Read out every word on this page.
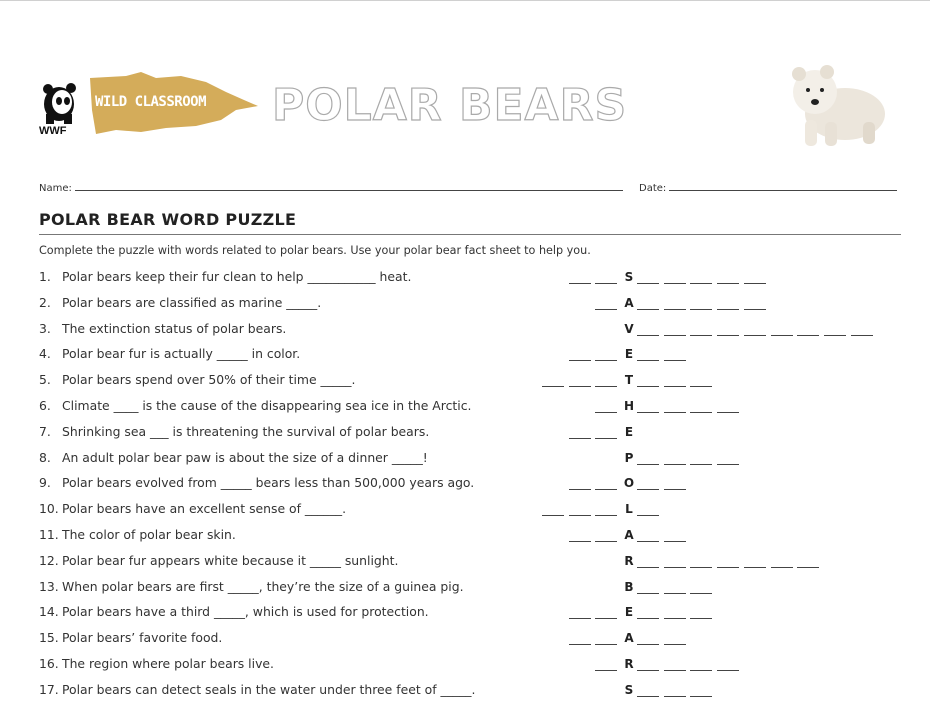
WWF
WILD CLASSROOM POLAR BEARS
Name:	Date:
POLAR BEAR WORD PUZZLE
Complete the puzzle with words related to polar bears. Use your polar bear fact sheet to help you.
1. Polar bears keep their fur clean to help ___________ heat.	S
2. Polar bears are classified as marine _____.	A
3. The extinction status of polar bears.	V
4. Polar bear fur is actually _____ in color.	E
5. Polar bears spend over 50% of their time _____.	T
6. Climate ____ is the cause of the disappearing sea ice in the Arctic.	H
7. Shrinking sea ___ is threatening the survival of polar bears.	E
8. An adult polar bear paw is about the size of a dinner _____!	P
9. Polar bears evolved from _____ bears less than 500,000 years ago.	O
10. Polar bears have an excellent sense of ______.	L
11. The color of polar bear skin.	A
12. Polar bear fur appears white because it _____ sunlight.	R
13. When polar bears are first _____, they’re the size of a guinea pig.	B
14. Polar bears have a third _____, which is used for protection.	E
15. Polar bears’ favorite food.	A
16. The region where polar bears live.	R
17. Polar bears can detect seals in the water under three feet of _____.	S
